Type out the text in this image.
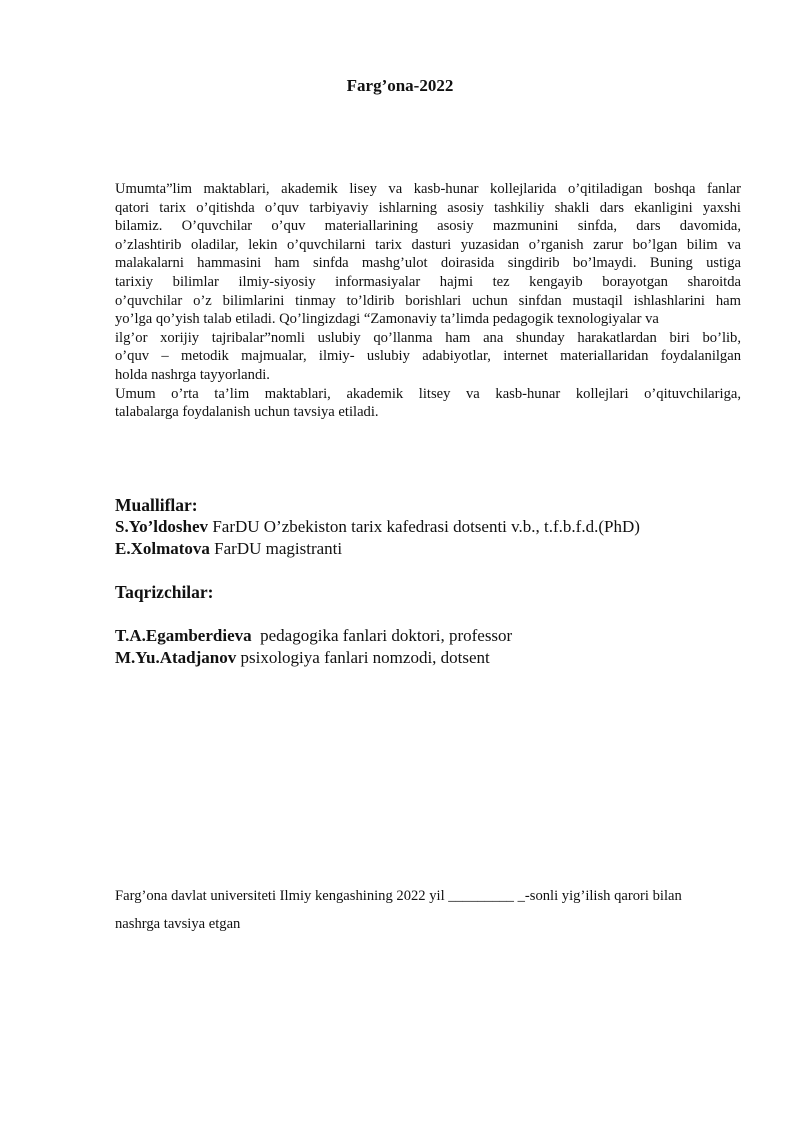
Farg’ona-2022
Umumta”lim maktablari, akademik lisey va kasb-hunar kollejlarida o’qitiladigan boshqa fanlar
qatori tarix o’qitishda o’quv tarbiyaviy ishlarning asosiy tashkiliy shakli dars ekanligini yaxshi
bilamiz. O’quvchilar o’quv materiallarining asosiy mazmunini sinfda, dars davomida,
o’zlashtirib oladilar, lekin o’quvchilarni tarix dasturi yuzasidan o’rganish zarur bo’lgan bilim va
malakalarni hammasini ham sinfda mashg’ulot doirasida singdirib bo’lmaydi. Buning ustiga
tarixiy bilimlar ilmiy-siyosiy informasiyalar hajmi tez kengayib borayotgan sharoitda
o’quvchilar o’z bilimlarini tinmay to’ldirib borishlari uchun sinfdan mustaqil ishlashlarini ham
yo’lga qo’yish talab etiladi. Qo’lingizdagi “Zamonaviy ta’limda pedagogik texnologiyalar va
ilg’or xorijiy tajribalar”nomli uslubiy qo’llanma ham ana shunday harakatlardan biri bo’lib,
o’quv – metodik majmualar, ilmiy- uslubiy adabiyotlar, internet materiallaridan foydalanilgan
holda nashrga tayyorlandi.
Umum o’rta ta’lim maktablari, akademik litsey va kasb-hunar kollejlari o’qituvchilariga,
talabalarga foydalanish uchun tavsiya etiladi.
Mualliflar:
S.Yo’ldoshev FarDU O’zbekiston tarix kafedrasi dotsenti v.b., t.f.b.f.d.(PhD)
E.Xolmatova FarDU magistranti
Taqrizchilar:
T.A.Egamberdieva  pedagogika fanlari doktori, professor
M.Yu.Atadjanov psixologiya fanlari nomzodi, dotsent
Farg’ona davlat universiteti Ilmiy kengashining 2022 yil _________ _-sonli yig’ilish qarori bilan
nashrga tavsiya etgan
